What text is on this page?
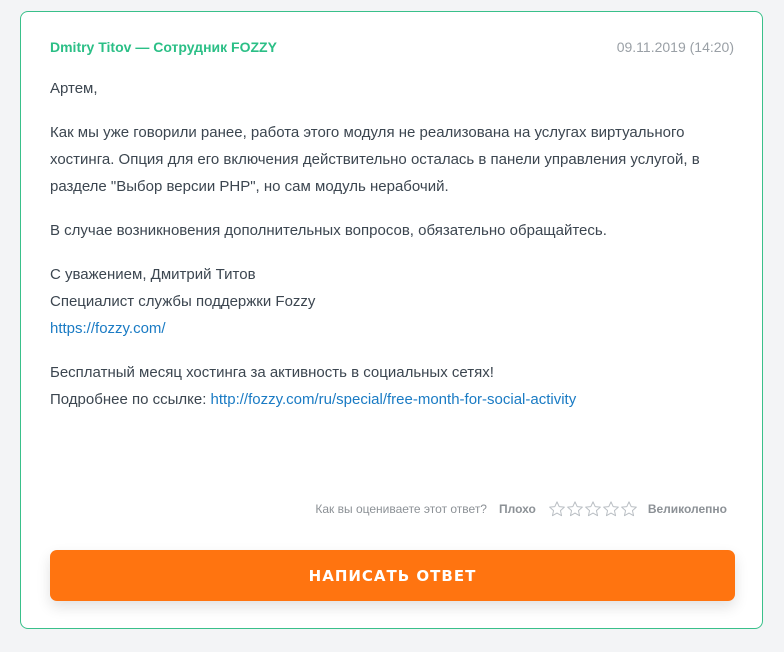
Dmitry Titov — Сотрудник FOZZY	09.11.2019 (14:20)

Артем,

Как мы уже говорили ранее, работа этого модуля не реализована на услугах виртуального хостинга. Опция для его включения действительно осталась в панели управления услугой, в разделе "Выбор версии PHP", но сам модуль нерабочий.

В случае возникновения дополнительных вопросов, обязательно обращайтесь.

С уважением, Дмитрий Титов
Специалист службы поддержки Fozzy
https://fozzy.com/

Бесплатный месяц хостинга за активность в социальных сетях!
Подробнее по ссылке: http://fozzy.com/ru/special/free-month-for-social-activity

Как вы оцениваете этот ответ? Плохо	Великолепно
НАПИСАТЬ ОТВЕТ
